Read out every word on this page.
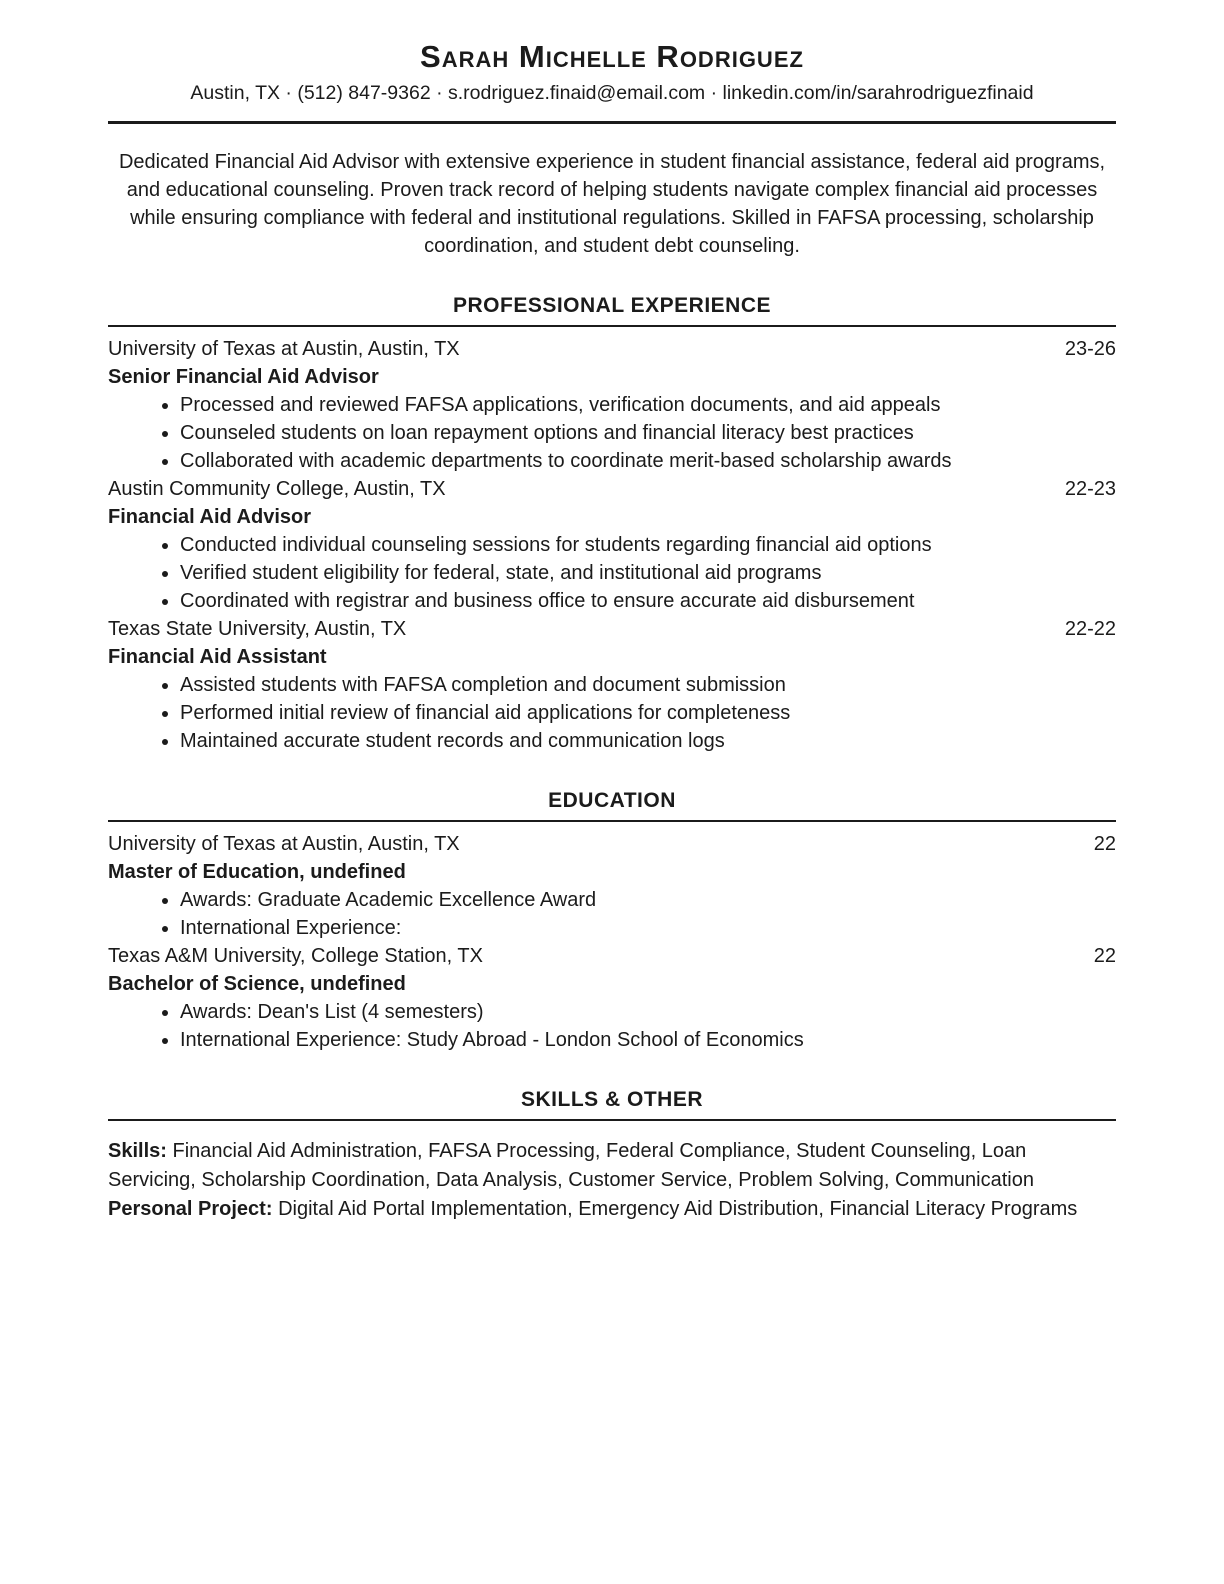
Sarah Michelle Rodriguez

Austin, TX · (512) 847-9362 · s.rodriguez.finaid@email.com · linkedin.com/in/sarahrodriguezfinaid

Dedicated Financial Aid Advisor with extensive experience in student financial assistance, federal aid programs, and educational counseling. Proven track record of helping students navigate complex financial aid processes while ensuring compliance with federal and institutional regulations. Skilled in FAFSA processing, scholarship coordination, and student debt counseling.

PROFESSIONAL EXPERIENCE
University of Texas at Austin, Austin, TX	23-26
Senior Financial Aid Advisor
• Processed and reviewed FAFSA applications, verification documents, and aid appeals
• Counseled students on loan repayment options and financial literacy best practices
• Collaborated with academic departments to coordinate merit-based scholarship awards
Austin Community College, Austin, TX	22-23
Financial Aid Advisor
• Conducted individual counseling sessions for students regarding financial aid options
• Verified student eligibility for federal, state, and institutional aid programs
• Coordinated with registrar and business office to ensure accurate aid disbursement
Texas State University, Austin, TX	22-22
Financial Aid Assistant
• Assisted students with FAFSA completion and document submission
• Performed initial review of financial aid applications for completeness
• Maintained accurate student records and communication logs
EDUCATION
University of Texas at Austin, Austin, TX	22
Master of Education, undefined
• Awards: Graduate Academic Excellence Award
• International Experience:
Texas A&M University, College Station, TX	22
Bachelor of Science, undefined
• Awards: Dean's List (4 semesters)
• International Experience: Study Abroad - London School of Economics
SKILLS & OTHER

Skills: Financial Aid Administration, FAFSA Processing, Federal Compliance, Student Counseling, Loan Servicing, Scholarship Coordination, Data Analysis, Customer Service, Problem Solving, Communication

Personal Project: Digital Aid Portal Implementation, Emergency Aid Distribution, Financial Literacy Programs
